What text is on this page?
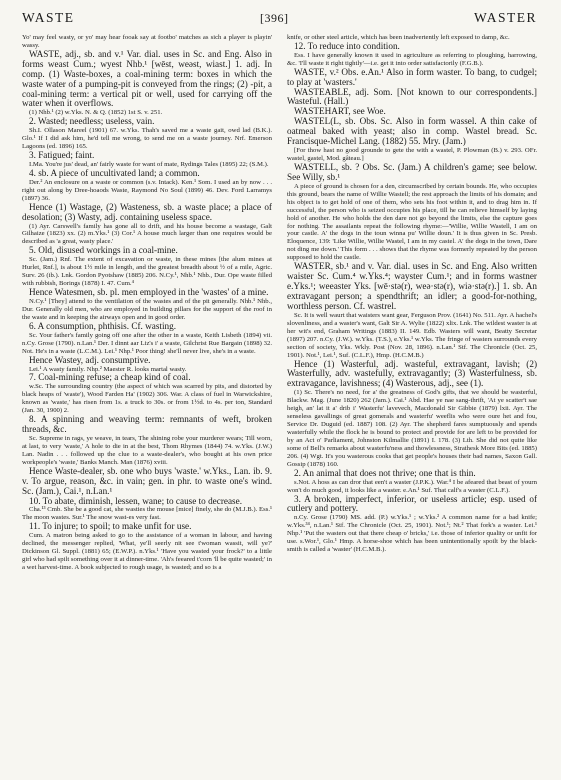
WASTE	[396]	WASTER

Yo' may feel wasty, or yo' may hear fooak say at footbo' matches as sich a player is playin' wassy.

WASTE, adj., sb. and v.¹ Var. dial. uses in Sc. and Eng. Also in forms weast Cum.; wyest Nhb.¹ [wēst, weəst, wiast.] 1. adj. In comp. (1) Waste-boxes, a coal-mining term: boxes in which the waste water of a pumping-pit is conveyed from the rings; (2) -pit, a coal-mining term: a vertical pit or well, used for carrying off the water when it overflows.

(1) Nhb.¹ (2) w.Yks. N. & Q. (1852) 1st S. v. 251.

2. Wasted; needless; useless, vain.

Sh.I. Ollason Mareel (1901) 67. w.Yks. Thah's saved me a waste gait, owd lad (B.K.). Glo.¹ If I did ask him, he'd tell me wrong, to send me on a waste journey. Nrf. Emerson Lagoons (ed. 1896) 165.

3. Fatigued; faint.

I.Ma. You're jus' dead, an' fairly waste for want of mate, Rydings Tales (1895) 22; (S.M.).

4. sb. A piece of uncultivated land; a common.

Der.² An enclosure on a waste or common (s.v. Intack). Ken.¹ Som. I used an by now . . . right out along by Dree-hoaods Waste, Raymond No Soul (1899) 46. Dev. Ford Larramys (1897) 36.

Hence (1) Wastage, (2) Wasteness, sb. a waste place; a place of desolation; (3) Wasty, adj. containing useless space.

(1) Ayr. Carswell's family has gone all to drift, and his house become a wastage, Galt Gilhaize (1823) xx. (2) m.Yks.¹ (3) Cor.¹ A house much larger than one requires would be described as 'a great, wasty place.'

5. Old, disused workings in a coal-mine.

Sc. (Jam.) Rnf. The extent of excavation or waste, in these mines [the alum mines at Hurlet, Rnf.], is about 1½ mile in length, and the greatest breadth about ½ of a mile, Agric. Surv. 26 (ib.). Lnk. Gordon Pyotshaw (1885) 206. N.Cy.¹, Nhb.¹ Nhb., Dur. Ope waste filled with rubbish, Borings (1878) I. 47. Cum.⁴

Hence Watesmen, sb. pl. men employed in the 'wastes' of a mine.

N.Cy.¹ [They] attend to the ventilation of the wastes and of the pit generally. Nhb.¹ Nhb., Dur. Generally old men, who are employed in building pillars for the support of the roof in the waste and in keeping the airways open and in good order.

6. A consumption, phthisis. Cf. wasting.

Sc. Your father's family going off one after the other in a waste, Keith Lisbeth (1894) vii. n.Cy. Grose (1790). n.Lan.¹ Der. I dinnt aar Liz's i' a waste, Gilchrist Rue Bargain (1898) 32. Not. He's in a waste (L.C.M.). Lei.¹ Nhp.¹ Poor thing! she'll never live, she's in a waste.

Hence Wastey, adj. consumptive.

Lei.¹ A wasty family. Nhp.² Maester R. looks martal wasty.

7. Coal-mining refuse; a cheap kind of coal.

w.Sc. The surrounding country (the aspect of which was scarred by pits, and distorted by black heaps of 'waste'), Wood Farden Ha' (1902) 306. War. A class of fuel in Warwickshire, known as 'waste,' has risen from 1s. a truck to 30s. or from 1½d. to 4s. per ton, Standard (Jan. 30, 1900) 2.

8. A spinning and weaving term: remnants of weft, broken threads, &c.

Sc. Supreme in rags, ye weave, in tears, The shining robe your murderer wears; Till worn, at last, to very 'waste,' A hole to die in at the best, Thom Rhymes (1844) 74. w.Yks. (J.W.) Lan. Nadin . . . followed up the clue to a waste-dealer's, who bought at his own price workpeople's 'waste,' Banks Manch. Man (1876) xviii.

Hence Waste-dealer, sb. one who buys 'waste.' w.Yks., Lan. ib. 9. v. To argue, reason, &c. in vain; gen. in phr. to waste one's wind. Sc. (Jam.), Cai.¹, n.Lan.¹

10. To abate, diminish, lessen, wane; to cause to decrease.

Cha.¹³ Cmb. She be a good cat, she wasties the mouse [mice] finely, she do (M.J.B.). Ess.¹ The moon wastes. Sur.¹ The snow wast-es very fast.

11. To injure; to spoil; to make unfit for use.

Cum. A matron being asked to go to the assistance of a woman in labour, and having declined, the messenger replied, 'What, ye'll seerly nit see t'woman wassit, will ye?' Dickinson Gl. Suppl. (1881) 65; (E.W.P.). n.Yks.¹ 'Have you wasted your frock?' to a little girl who had spilt something over it at dinner-time. 'Ah's feeared t'corn 'll be quite wasted;' in a wet harvest-time. A book subjected to rough usage, is wasted; and so is a

knife, or other steel article, which has been inadvertently left exposed to damp, &c.

12. To reduce into condition.

Ess. I have generally known it used in agriculture as referring to ploughing, harrowing, &c. 'I'll waste it right tightly'—i.e. get it into order satisfactorily (F.G.B.).

WASTE, v.² Obs. e.An.¹ Also in form waster. To bang, to cudgel; to play at 'wasters.'

WASTEABLE, adj. Som. [Not known to our correspondents.] Wasteful. (Hall.)

WASTEHART, see Woe.

WASTEL(L, sb. Obs. Sc. Also in form wassel. A thin cake of oatmeal baked with yeast; also in comp. Wastel bread. Sc. Francisque-Michel Lang. (1882) 55. Mry. (Jam.)

[For thow hast no good grounde to gete the with a wastel, P. Plowman (B.) v. 293. OFr. wastel, gastel, Mod. gâteau.]

WASTELL, sb. ? Obs. Sc. (Jam.) A children's game; see below. See Willy, sb.¹

A piece of ground is chosen for a den, circumscribed by certain bounds. He, who occupies this ground, bears the name of Willie Wastell; the rest approach the limits of his domain; and his object is to get hold of one of them, who sets his foot within it, and to drag him in. If successful, the person who is seized occupies his place, till he can relieve himself by laying hold of another. He who holds the den dare not go beyond the limits, else the capture goes for nothing. The assailants repeat the following rhyme:—'Willie, Willie Wastell, I am on your castle. A' the dogs in the toun winna pu' Willie doun.' It is thus given in Sc. Presb. Eloquence, 139: 'Like Willie, Willie Wastel, I am in my castel. A' the dogs in the town, Dare not ding me down.' This form . . . shows that the rhyme was formerly repeated by the person supposed to hold the castle.

WASTER, sb.¹ and v. Var. dial. uses in Sc. and Eng. Also written waister Sc. Cum.⁴ w.Yks.⁴; wayster Cum.¹; and in forms wastner e.Yks.¹; weeaster Yks. [wē·stə(r), weə·stə(r), wiə·stə(r).] 1. sb. An extravagant person; a spendthrift; an idler; a good-for-nothing, worthless person. Cf. wastrel.

Sc. It is well waurt that waisters want gear, Ferguson Prov. (1641) No. 511. Ayr. A hachel's slovenliness, and a waster's want, Galt Sir A. Wylie (1822) xlix. Lnk. The wildest waster is at her wit's end, Graham Writings (1883) II. 149. Edb. Wasters will want, Beatty Secretar (1897) 207. n.Cy. (J.W.). w.Yks. (T.S.), e.Yks.¹ w.Yks. The fringe of wasters surrounds every section of society, Yks. Wkly. Post (Nov. 28, 1896). n.Lan.¹ Stf. The Chronicle (Oct. 25, 1901). Not.¹, Lei.¹, Suf. (C.L.F.), Hmp. (H.C.M.B.)

Hence (1) Wasterful, adj. wasteful, extravagant, lavish; (2) Wasterfully, adv. wastefully, extravagantly; (3) Wasterfulness, sb. extravagance, lavishness; (4) Wasterous, adj., see (1).

(1) Sc. There's no need, for a' the greatness of God's gifts, that we should be wasterful, Blackw. Mag. (June 1820) 262 (Jam.). Cai.¹ Abd. Hae ye nae sang-thrift, 'At ye scatter't sae heigh, an' lat it a' drib i' Wasterfu' lavevech, Macdonald Sir Gibbie (1879) lxii. Ayr. The senseless gavallings of great gomerals and wasterfu' weeflis who were oure het and fou, Service Dr. Duguid (ed. 1887) 108. (2) Ayr. The shepherd fares sumptuously and spends wasterfully while the flock he is bound to protect and provide for are left to be provided for by an Act o' Parliament, Johnston Kilmallie (1891) I. 178. (3) Lth. She did not quite like some of Bell's remarks about wasterfu'ness and thowlessness, Strathesk More Bits (ed. 1885) 206. (4) Wgt. It's you wasterous cooks that get people's houses their bad names, Saxon Gall. Gossip (1878) 160.

2. An animal that does not thrive; one that is thin.

s.Not. A hoss as can dror that een't a waster (J.P.K.). War.⁴ I be afeared that beast of yourn won't do much good, it looks like a waster. e.An.¹ Suf. That calf's a waster (C.L.F.).

3. A broken, imperfect, inferior, or useless article; esp. used of cutlery and pottery.

n.Cy. Grose (1790) MS. add. (P.) w.Yks.¹ ; w.Yks.² A common name for a bad knife; w.Yks.³⁴, n.Lan.¹ Stf. The Chronicle (Oct. 25, 1901). Not.¹; Nt.² That fork's a waster. Lei.¹ Nhp.¹ 'Put the wasters out that there cheap o' bricks,' i.e. those of inferior quality or unfit for use. s.Wor.¹, Glo.¹ Hmp. A horse-shoe which has been unintentionally spoilt by the black-smith is called a 'waster' (H.C.M.B.).
